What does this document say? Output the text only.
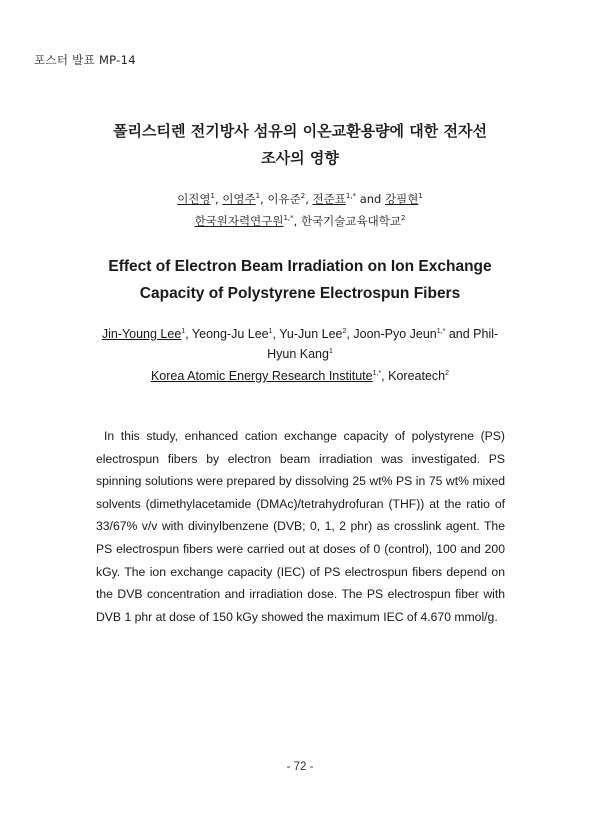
포스터 발표 MP-14
폴리스티렌 전기방사 섬유의 이온교환용량에 대한 전자선
조사의 영향
이진영$^1$, 이영주$^1$, 이유준$^2$, 전준표$^{1,*}$ and 강필현$^1$
한국원자력연구원$^{1,*}$, 한국기술교육대학교$^2$
Effect of Electron Beam Irradiation on Ion Exchange
Capacity of Polystyrene Electrospun Fibers
Jin-Young Lee$^1$, Yeong-Ju Lee$^1$, Yu-Jun Lee$^2$, Joon-Pyo Jeun$^{1,*}$ and Phil-Hyun Kang$^1$
Korea Atomic Energy Research Institute$^{1,*}$, Koreatech$^2$

In this study, enhanced cation exchange capacity of polystyrene (PS) electrospun fibers by electron beam irradiation was investigated. PS spinning solutions were prepared by dissolving 25 wt% PS in 75 wt% mixed solvents (dimethylacetamide (DMAc)/tetrahydrofuran (THF)) at the ratio of 33/67% v/v with divinylbenzene (DVB; 0, 1, 2 phr) as crosslink agent. The PS electrospun fibers were carried out at doses of 0 (control), 100 and 200 kGy. The ion exchange capacity (IEC) of PS electrospun fibers depend on the DVB concentration and irradiation dose. The PS electrospun fiber with DVB 1 phr at dose of 150 kGy showed the maximum IEC of 4.670 mmol/g.

- 72 -
